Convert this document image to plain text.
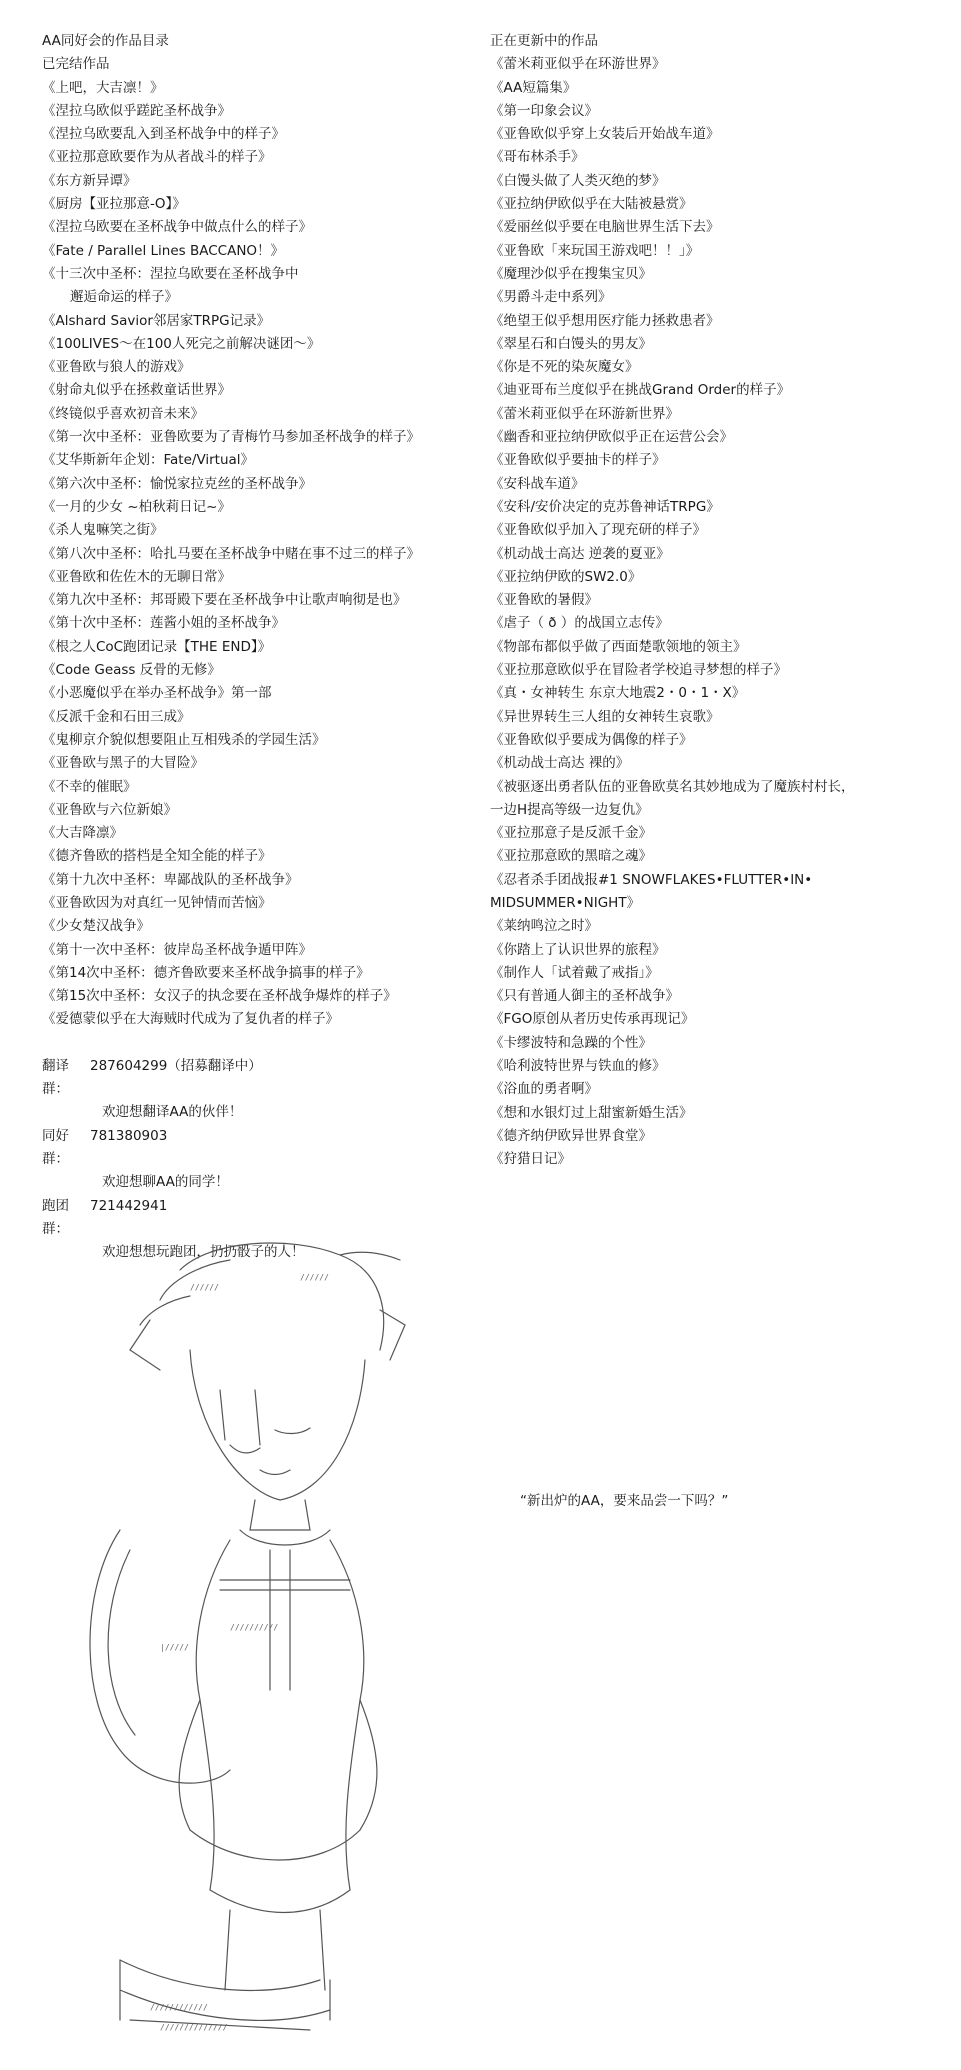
AA同好会的作品目录
已完结作品
《上吧，大吉凛！》
《涅拉乌欧似乎蹉跎圣杯战争》
《涅拉乌欧要乱入到圣杯战争中的样子》
《亚拉那意欧要作为从者战斗的样子》
《东方新异谭》
《厨房【亚拉那意-O】》
《涅拉乌欧要在圣杯战争中做点什么的样子》
《Fate / Parallel Lines BACCANO！》
《十三次中圣杯：涅拉乌欧要在圣杯战争中
邂逅命运的样子》
《Alshard Savior邻居家TRPG记录》
《100LIVES～在100人死完之前解决谜团～》
《亚鲁欧与狼人的游戏》
《射命丸似乎在拯救童话世界》
《终镜似乎喜欢初音未来》
《第一次中圣杯：亚鲁欧要为了青梅竹马参加圣杯战争的样子》
《艾华斯新年企划：Fate/Virtual》
《第六次中圣杯：愉悦家拉克丝的圣杯战争》
《一月的少女 ~柏秋莉日记~》
《杀人鬼嘛笑之街》
《第八次中圣杯：哈扎马要在圣杯战争中赌在事不过三的样子》
《亚鲁欧和佐佐木的无聊日常》
《第九次中圣杯：邦哥殿下要在圣杯战争中让歌声响彻是也》
《第十次中圣杯：莲酱小姐的圣杯战争》
《根之人CoC跑团记录【THE END】》
《Code Geass 反骨的无修》
《小恶魔似乎在举办圣杯战争》第一部
《反派千金和石田三成》
《鬼柳京介貌似想要阻止互相残杀的学园生活》
《亚鲁欧与黑子的大冒险》
《不幸的催眠》
《亚鲁欧与六位新娘》
《大吉降凛》
《德齐鲁欧的搭档是全知全能的样子》
《第十九次中圣杯：卑鄙战队的圣杯战争》
《亚鲁欧因为对真红一见钟情而苦恼》
《少女楚汉战争》
《第十一次中圣杯：彼岸岛圣杯战争遁甲阵》
《第14次中圣杯：德齐鲁欧要来圣杯战争搞事的样子》
《第15次中圣杯：女汉子的执念要在圣杯战争爆炸的样子》
《爱德蒙似乎在大海贼时代成为了复仇者的样子》
翻译群：
287604299（招募翻译中）
欢迎想翻译AA的伙伴！
同好群：
781380903
欢迎想聊AA的同学！
跑团群：
721442941
欢迎想想玩跑团，扔扔骰子的人！
正在更新中的作品
《蕾米莉亚似乎在环游世界》
《AA短篇集》
《第一印象会议》
《亚鲁欧似乎穿上女装后开始战车道》
《哥布林杀手》
《白馒头做了人类灭绝的梦》
《亚拉纳伊欧似乎在大陆被悬赏》
《爱丽丝似乎要在电脑世界生活下去》
《亚鲁欧「来玩国王游戏吧！！」》
《魔理沙似乎在搜集宝贝》
《男爵斗走中系列》
《绝望王似乎想用医疗能力拯救患者》
《翠星石和白馒头的男友》
《你是不死的染灰魔女》
《迪亚哥布兰度似乎在挑战Grand Order的样子》
《蕾米莉亚似乎在环游新世界》
《幽香和亚拉纳伊欧似乎正在运营公会》
《亚鲁欧似乎要抽卡的样子》
《安科战车道》
《安科/安价决定的克苏鲁神话TRPG》
《亚鲁欧似乎加入了现充研的样子》
《机动战士高达 逆袭的夏亚》
《亚拉纳伊欧的SW2.0》
《亚鲁欧的暑假》
《虐子（ ð ）的战国立志传》
《物部布都似乎做了西面楚歌领地的领主》
《亚拉那意欧似乎在冒险者学校追寻梦想的样子》
《真・女神转生 东京大地震2・0・1・X》
《异世界转生三人组的女神转生哀歌》
《亚鲁欧似乎要成为偶像的样子》
《机动战士高达 裸的》
《被驱逐出勇者队伍的亚鲁欧莫名其妙地成为了魔族村村长，
一边H提高等级一边复仇》
《亚拉那意子是反派千金》
《亚拉那意欧的黑暗之魂》
《忍者杀手团战报#1 SNOWFLAKES•FLUTTER•IN•
MIDSUMMER•NIGHT》
《莱纳鸣泣之时》
《你踏上了认识世界的旅程》
《制作人「试着戴了戒指」》
《只有普通人御主的圣杯战争》
《FGO原创从者历史传承再现记》
《卡缪波特和急躁的个性》
《哈利波特世界与铁血的修》
《浴血的勇者啊》
《想和水银灯过上甜蜜新婚生活》
《德齐纳伊欧异世界食堂》
《狩猎日记》
//////
//////
|/////
//////////
////////////
//////////////
“新出炉的AA，要来品尝一下吗？”
